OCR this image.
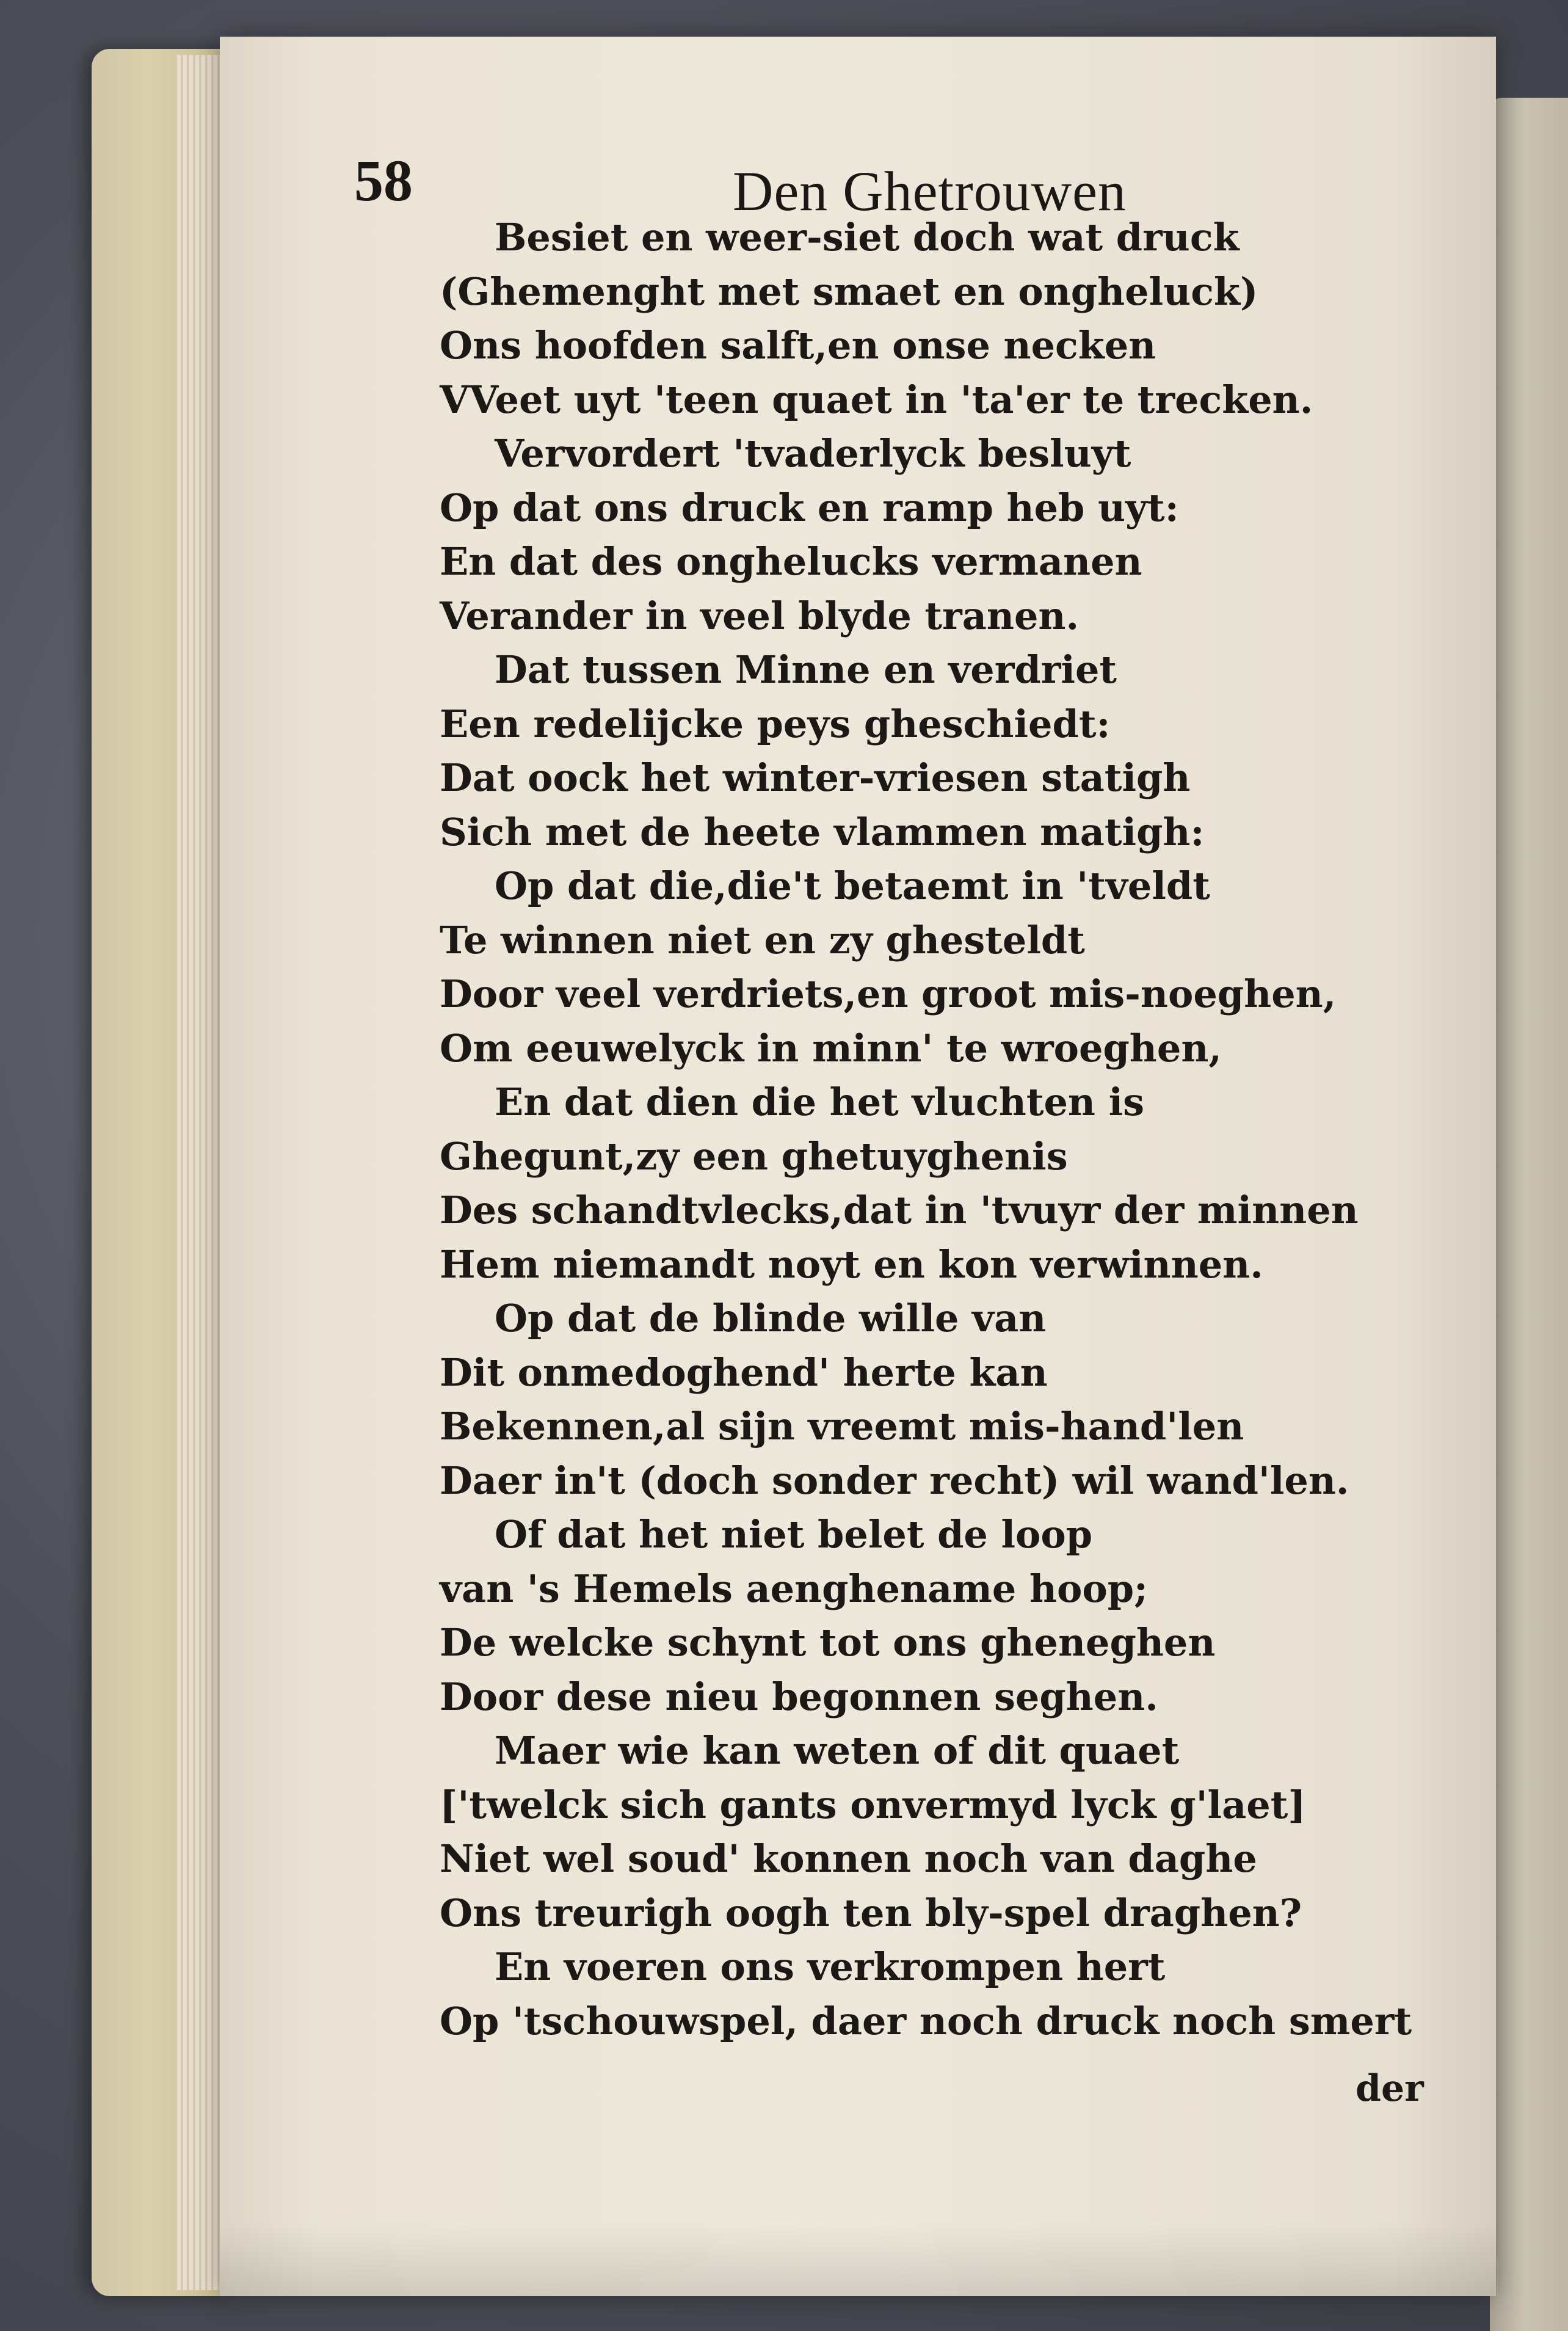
58	Den Ghetrouwen
Besiet en weer-siet doch wat druck
(Ghemenght met smaet en ongheluck)
Ons hoofden salft,en onse necken
VVeet uyt 'teen quaet in 'ta'er te trecken.
Vervordert 'tvaderlyck besluyt
Op dat ons druck en ramp heb uyt:
En dat des onghelucks vermanen
Verander in veel blyde tranen.
Dat tussen Minne en verdriet
Een redelijcke peys gheschiedt:
Dat oock het winter-vriesen statigh
Sich met de heete vlammen matigh:
Op dat die,die't betaemt in 'tveldt
Te winnen niet en zy ghesteldt
Door veel verdriets,en groot mis-noeghen,
Om eeuwelyck in minn' te wroeghen,
En dat dien die het vluchten is
Ghegunt,zy een ghetuyghenis
Des schandtvlecks,dat in 'tvuyr der minnen
Hem niemandt noyt en kon verwinnen.
Op dat de blinde wille van
Dit onmedoghend' herte kan
Bekennen,al sijn vreemt mis-hand'len
Daer in't (doch sonder recht) wil wand'len.
Of dat het niet belet de loop
van 's Hemels aenghename hoop;
De welcke schynt tot ons gheneghen
Door dese nieu begonnen seghen.
Maer wie kan weten of dit quaet
['twelck sich gants onvermyd lyck g'laet]
Niet wel soud' konnen noch van daghe
Ons treurigh oogh ten bly-spel draghen?
En voeren ons verkrompen hert
Op 'tschouwspel, daer noch druck noch smert
der
